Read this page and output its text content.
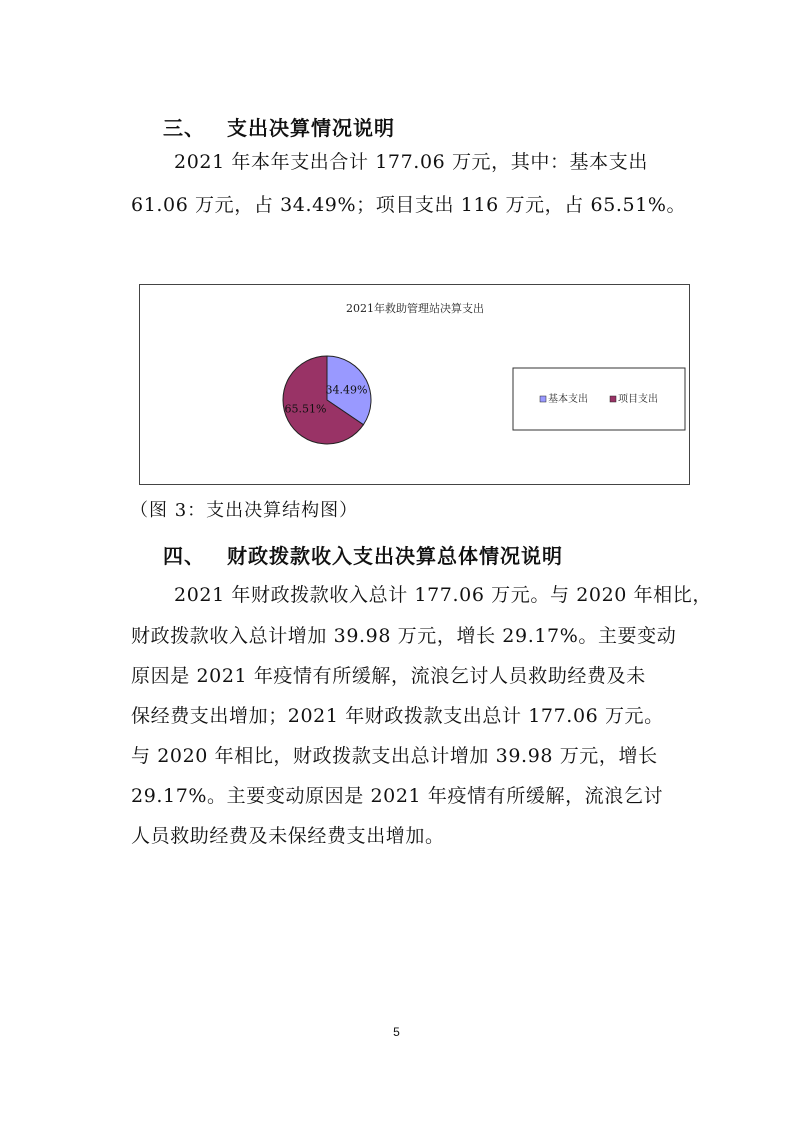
三、 支出决算情况说明
2021 年本年支出合计 177.06 万元，其中：基本支出
61.06 万元，占 34.49%；项目支出 116 万元，占 65.51%。
2021年救助管理站决算支出
34.49%
65.51%
基本支出	项目支出
（图 3：支出决算结构图）
四、 财政拨款收入支出决算总体情况说明
2021 年财政拨款收入总计 177.06 万元。与 2020 年相比，
财政拨款收入总计增加 39.98 万元，增长 29.17%。主要变动
原因是 2021 年疫情有所缓解，流浪乞讨人员救助经费及未
保经费支出增加；2021 年财政拨款支出总计 177.06 万元。
与 2020 年相比，财政拨款支出总计增加 39.98 万元，增长
29.17%。主要变动原因是 2021 年疫情有所缓解，流浪乞讨
人员救助经费及未保经费支出增加。
5
